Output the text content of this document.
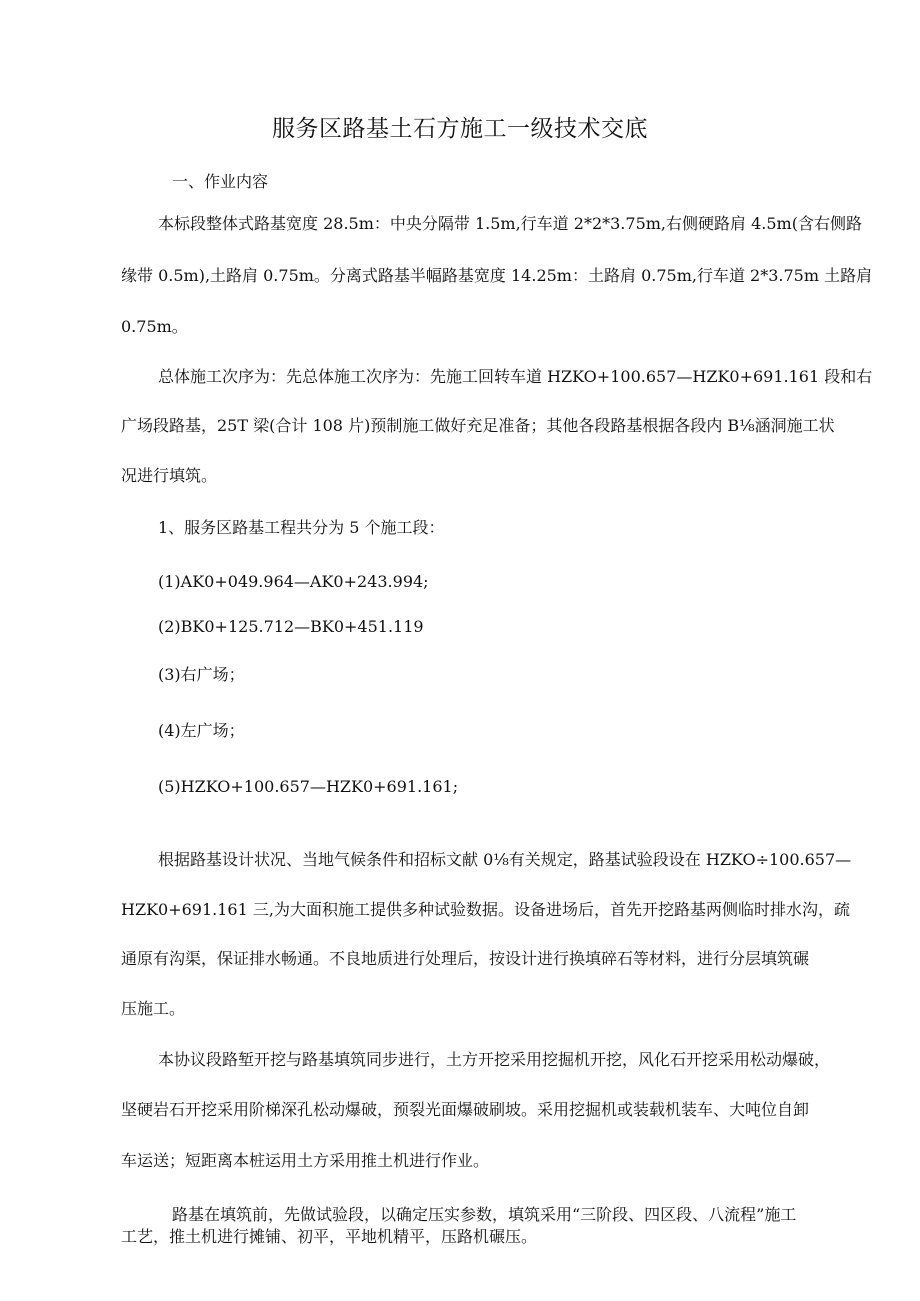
服务区路基土石方施工一级技术交底
一、作业内容
本标段整体式路基宽度 28.5m：中央分隔带 1.5m,行车道 2*2*3.75m,右侧硬路肩 4.5m(含右侧路
缘带 0.5m),土路肩 0.75m。分离式路基半幅路基宽度 14.25m：土路肩 0.75m,行车道 2*3.75m 土路肩
0.75m。
总体施工次序为：先总体施工次序为：先施工回转车道 HZKO+100.657—HZK0+691.161 段和右
广场段路基，25T 梁(合计 108 片)预制施工做好充足准备；其他各段路基根据各段内 B⅛涵洞施工状
况进行填筑。
1、服务区路基工程共分为 5 个施工段：
(1)AK0+049.964—AK0+243.994;
(2)BK0+125.712—BK0+451.119
(3)右广场；
(4)左广场；
(5)HZKO+100.657—HZK0+691.161;
根据路基设计状况、当地气候条件和招标文献 0⅛有关规定，路基试验段设在 HZKO÷100.657—
HZK0+691.161 三,为大面积施工提供多种试验数据。设备进场后，首先开挖路基两侧临时排水沟，疏
通原有沟渠，保证排水畅通。不良地质进行处理后，按设计进行换填碎石等材料，进行分层填筑碾
压施工。
本协议段路堑开挖与路基填筑同步进行，土方开挖采用挖掘机开挖，风化石开挖采用松动爆破，
坚硬岩石开挖采用阶梯深孔松动爆破，预裂光面爆破刷坡。采用挖掘机或装载机装车、大吨位自卸
车运送；短距离本桩运用土方采用推土机进行作业。
路基在填筑前，先做试验段，以确定压实参数，填筑采用“三阶段、四区段、八流程”施工
工艺，推土机进行摊铺、初平，平地机精平，压路机碾压。
